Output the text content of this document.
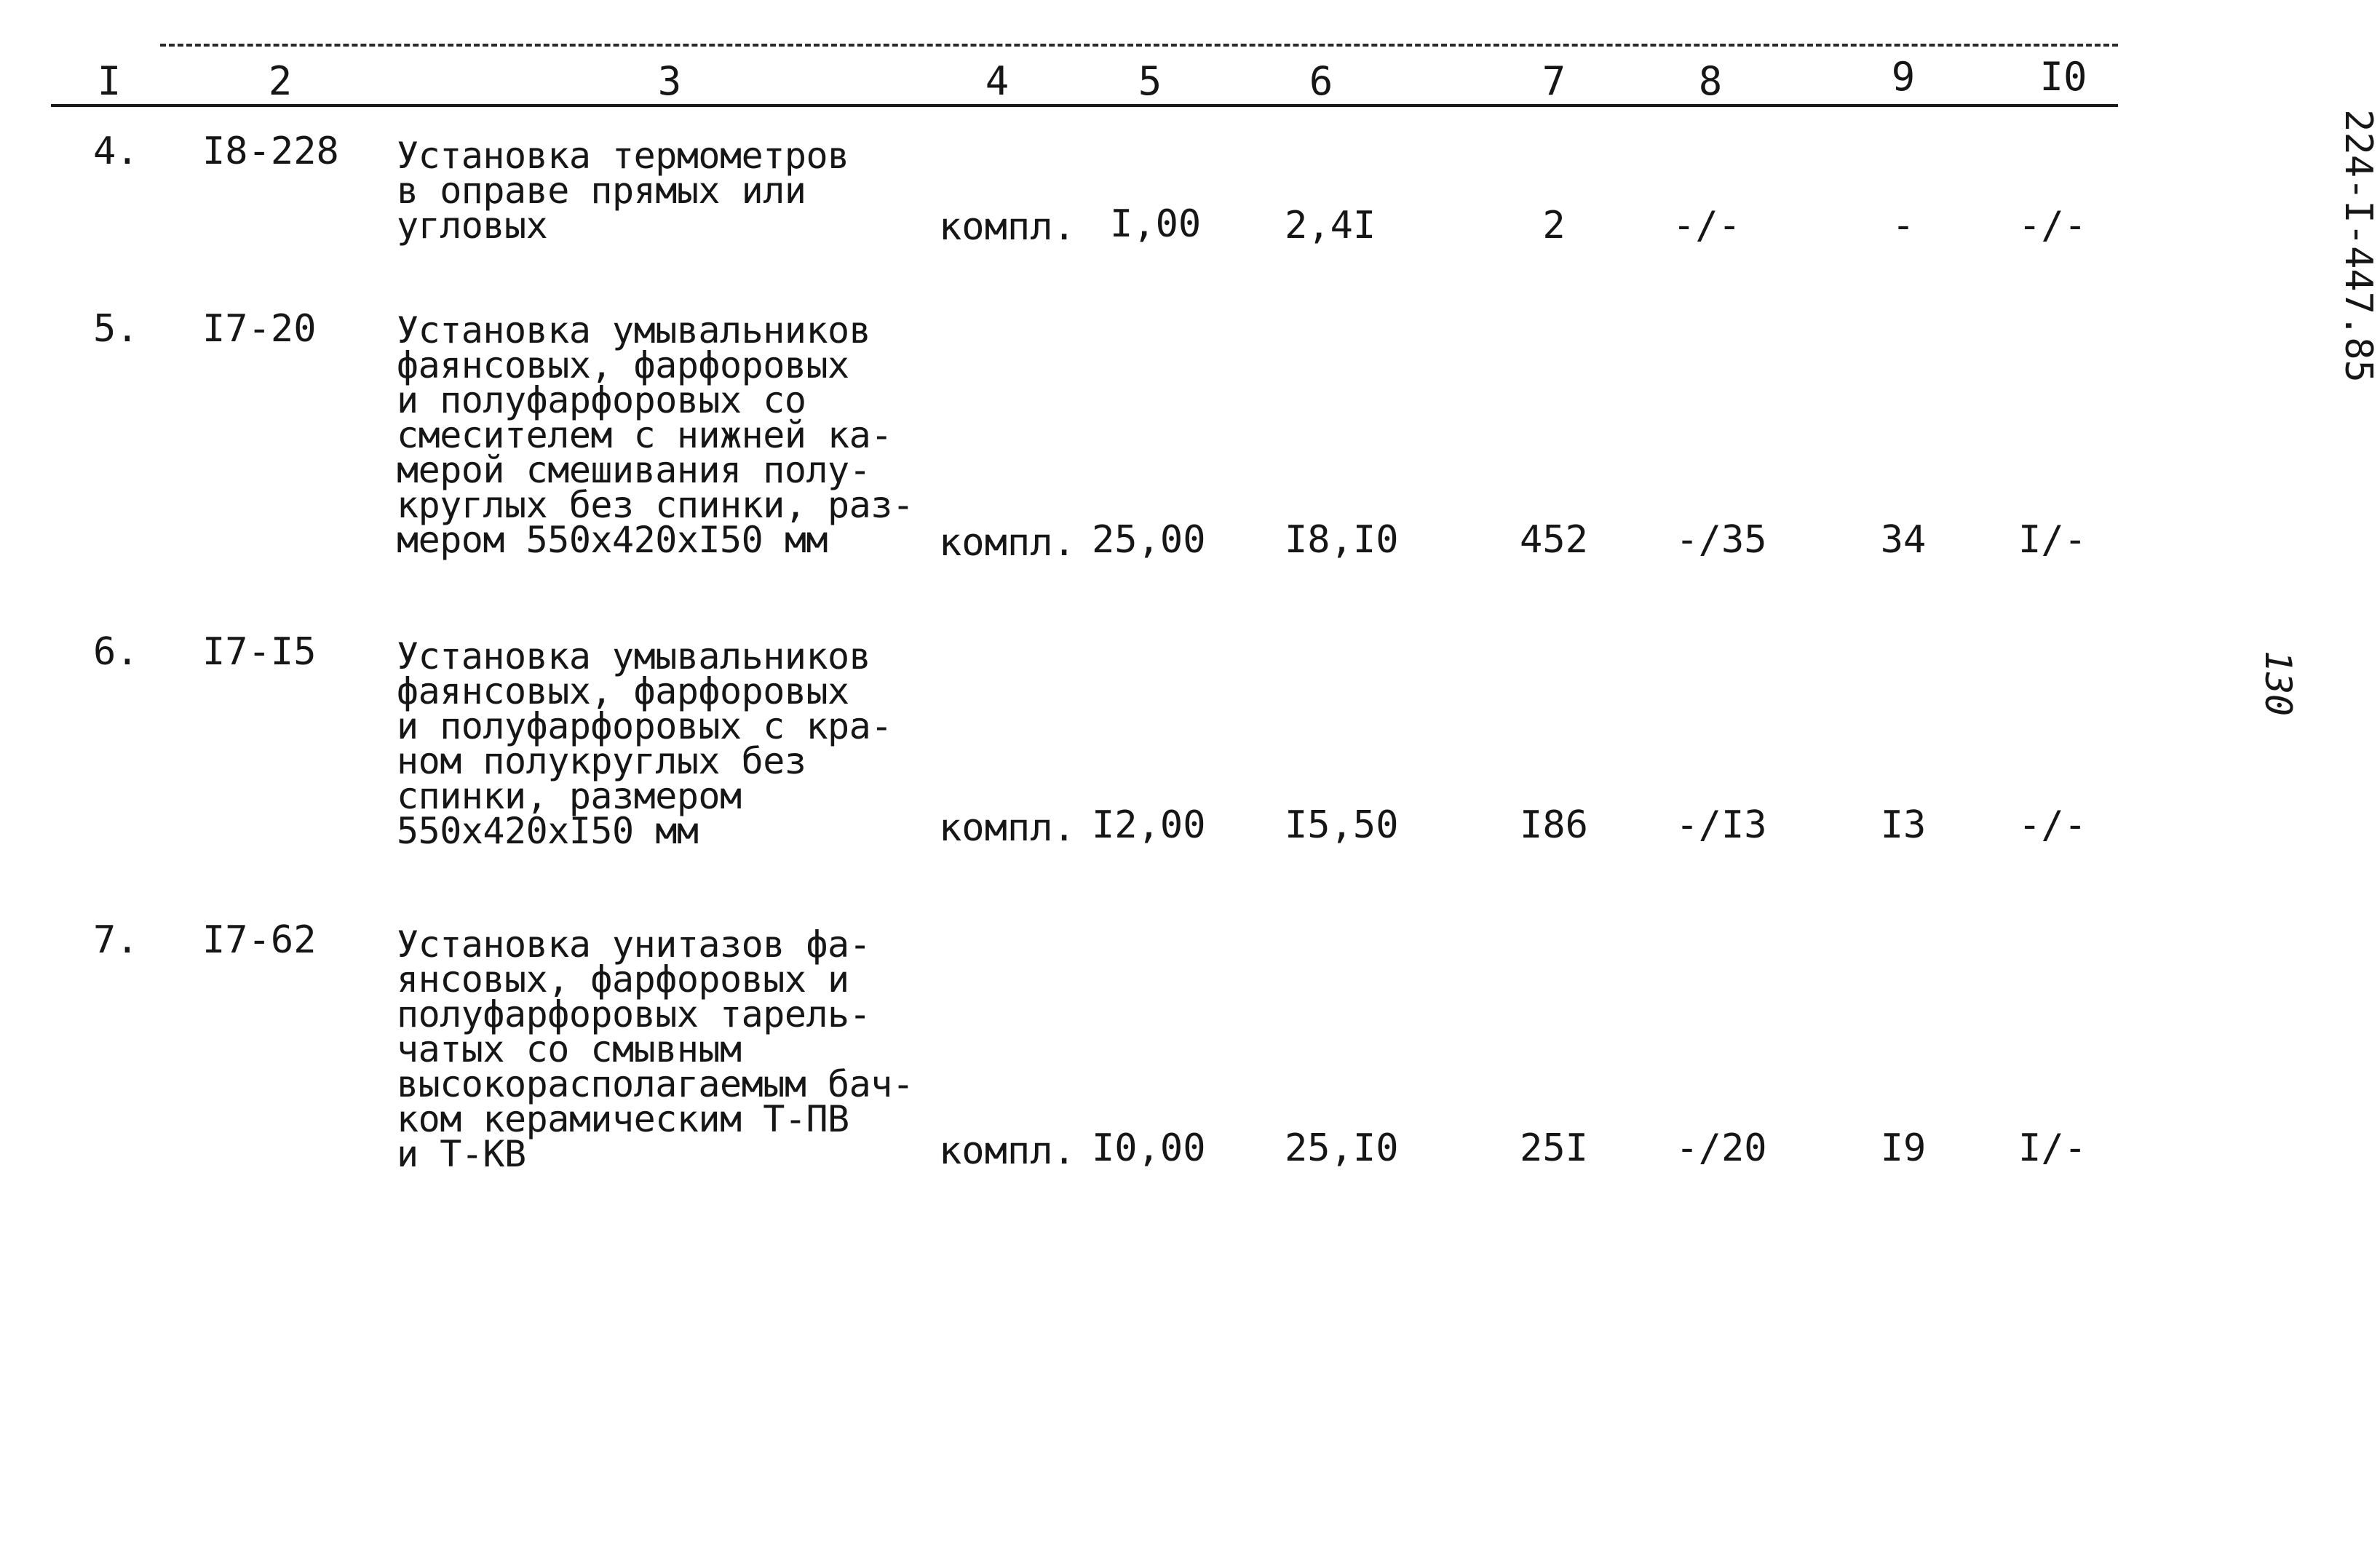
I	2	3	4	5	6	7	8	9	I0
4. I8-228 Установка термометров
в оправе прямых или
угловых	компл. I,00 2,4I	2	-/-	-	-/-
5. I7-20 Установка умывальников
фаянсовых, фарфоровых
и полуфарфоровых со
смесителем с нижней ка-
мерой смешивания полу-
круглых без спинки, раз-
мером 550х420хI50 мм	компл. 25,00 I8,I0	452	-/35	34	I/-
6. I7-I5 Установка умывальников
фаянсовых, фарфоровых
и полуфарфоровых с кра-
ном полукруглых без
спинки, размером
550х420хI50 мм	компл. I2,00 I5,50	I86	-/I3	I3	-/-
7. I7-62 Установка унитазов фа-
янсовых, фарфоровых и
полуфарфоровых тарель-
чатых со смывным
высокорасполагаемым бач-
ком керамическим Т-ПВ
и Т-КВ	компл. I0,00 25,I0	25I	-/20	I9	I/-
224-I-447.85
130
